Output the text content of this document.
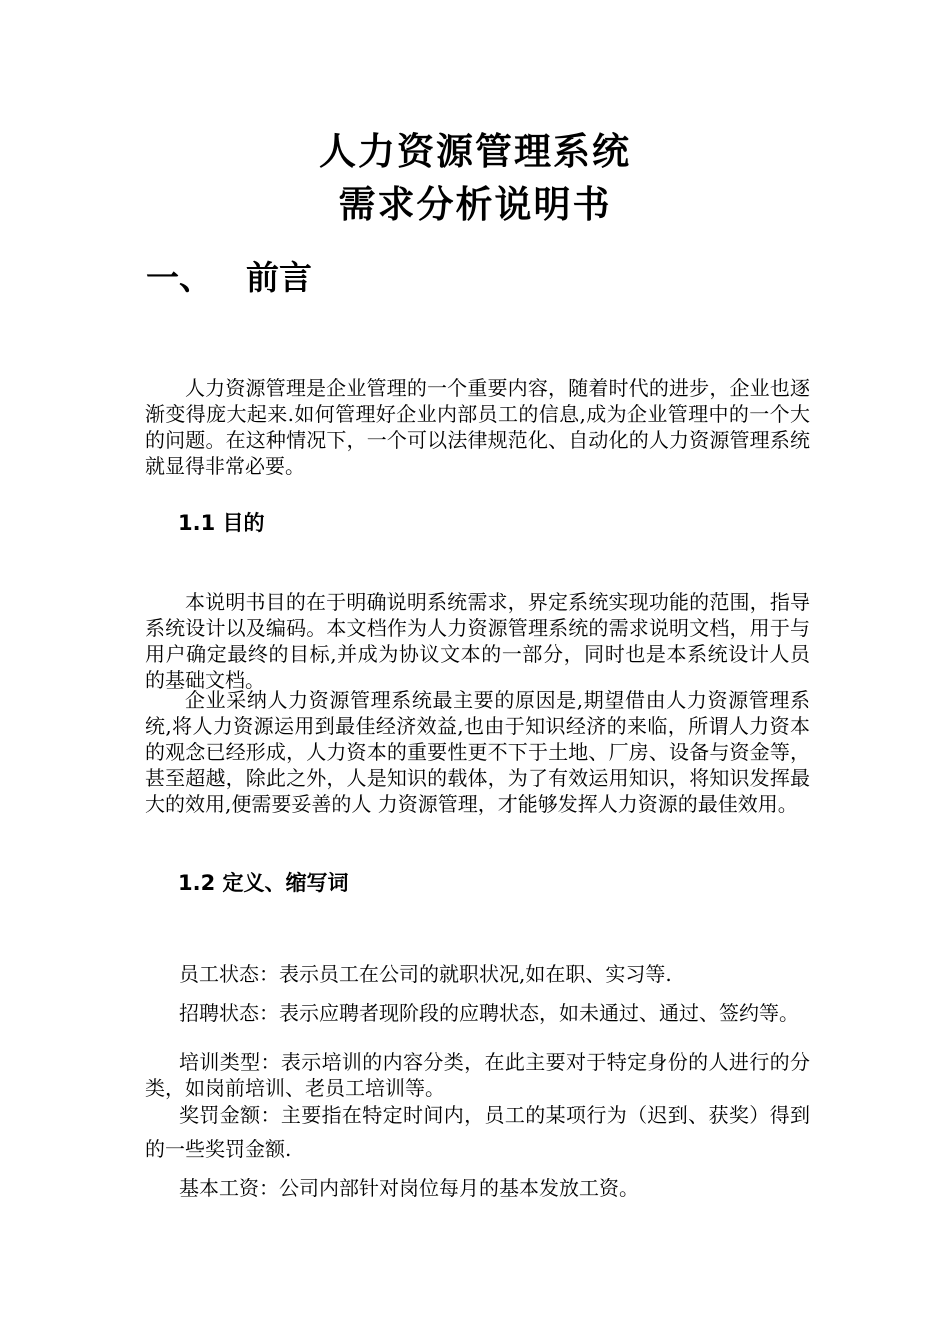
人力资源管理系统
需求分析说明书
一、 前言

人力资源管理是企业管理的一个重要内容，随着时代的进步，企业也逐渐变得庞大起来.如何管理好企业内部员工的信息,成为企业管理中的一个大的问题。在这种情况下，一个可以法律规范化、自动化的人力资源管理系统就显得非常必要。

1.1 目的

本说明书目的在于明确说明系统需求，界定系统实现功能的范围，指导系统设计以及编码。本文档作为人力资源管理系统的需求说明文档，用于与用户确定最终的目标,并成为协议文本的一部分，同时也是本系统设计人员的基础文档。

企业采纳人力资源管理系统最主要的原因是,期望借由人力资源管理系统,将人力资源运用到最佳经济效益,也由于知识经济的来临，所谓人力资本的观念已经形成，人力资本的重要性更不下于土地、厂房、设备与资金等，甚至超越，除此之外，人是知识的载体，为了有效运用知识，将知识发挥最大的效用,便需要妥善的人 力资源管理，才能够发挥人力资源的最佳效用。

1.2 定义、缩写词

员工状态：表示员工在公司的就职状况,如在职、实习等.

招聘状态：表示应聘者现阶段的应聘状态，如未通过、通过、签约等。

培训类型：表示培训的内容分类，在此主要对于特定身份的人进行的分类，如岗前培训、老员工培训等。

奖罚金额：主要指在特定时间内，员工的某项行为（迟到、获奖）得到的一些奖罚金额.

基本工资：公司内部针对岗位每月的基本发放工资。
